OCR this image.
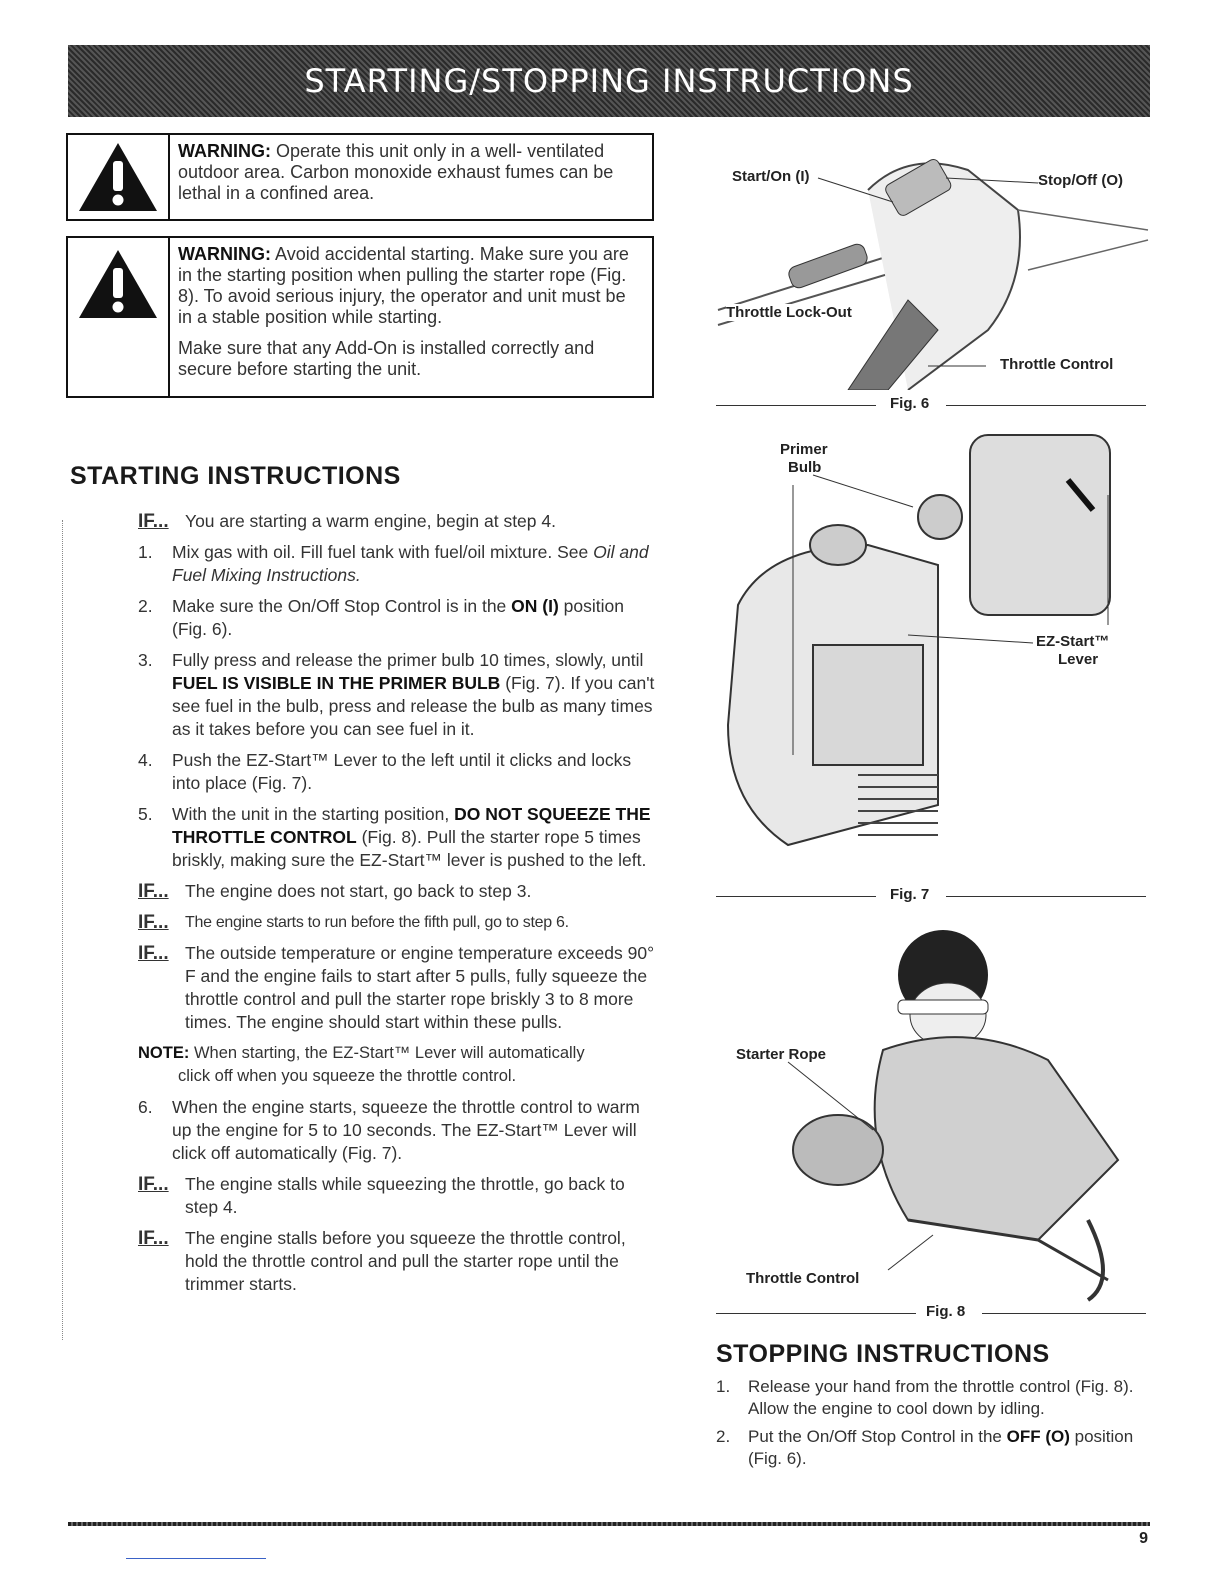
STARTING/STOPPING INSTRUCTIONS
WARNING: Operate this unit only in a well- ventilated outdoor area. Carbon monoxide exhaust fumes can be lethal in a confined area.
WARNING: Avoid accidental starting. Make sure you are in the starting position when pulling the starter rope (Fig. 8). To avoid serious injury, the operator and unit must be in a stable position while starting.
Make sure that any Add-On is installed correctly and secure before starting the unit.
STARTING INSTRUCTIONS
IF... You are starting a warm engine, begin at step 4.
1.	Mix gas with oil. Fill fuel tank with fuel/oil mixture. See Oil and Fuel Mixing Instructions.
2.	Make sure the On/Off Stop Control is in the ON (I) position (Fig. 6).
3.	Fully press and release the primer bulb 10 times, slowly, until FUEL IS VISIBLE IN THE PRIMER BULB (Fig. 7). If you can't see fuel in the bulb, press and release the bulb as many times as it takes before you can see fuel in it.
4.	Push the EZ-Start™ Lever to the left until it clicks and locks into place (Fig. 7).
5.	With the unit in the starting position, DO NOT SQUEEZE THE THROTTLE CONTROL (Fig. 8). Pull the starter rope 5 times briskly, making sure the EZ-Start™ lever is pushed to the left.
IF... The engine does not start, go back to step 3.
IF...	The engine starts to run before the fifth pull, go to step 6.
IF... The outside temperature or engine temperature exceeds 90° F and the engine fails to start after 5 pulls, fully squeeze the throttle control and pull the starter rope briskly 3 to 8 more times. The engine should start within these pulls.
NOTE: When starting, the EZ-Start™ Lever will automatically
click off when you squeeze the throttle control.
6.	When the engine starts, squeeze the throttle control to warm up the engine for 5 to 10 seconds. The EZ-Start™ Lever will click off automatically (Fig. 7).
IF... The engine stalls while squeezing the throttle, go back to step 4.
IF... The engine stalls before you squeeze the throttle control, hold the throttle control and pull the starter rope until the trimmer starts.
Start/On (I)	Stop/Off (O)
Throttle Lock-Out
Throttle Control
Fig. 6
Primer
Bulb
EZ-Start™
Lever
Fig. 7
Starter Rope
Throttle Control
Fig. 8
STOPPING INSTRUCTIONS
1.	Release your hand from the throttle control (Fig. 8). Allow the engine to cool down by idling.
2.	Put the On/Off Stop Control in the OFF (O) position (Fig. 6).
9
